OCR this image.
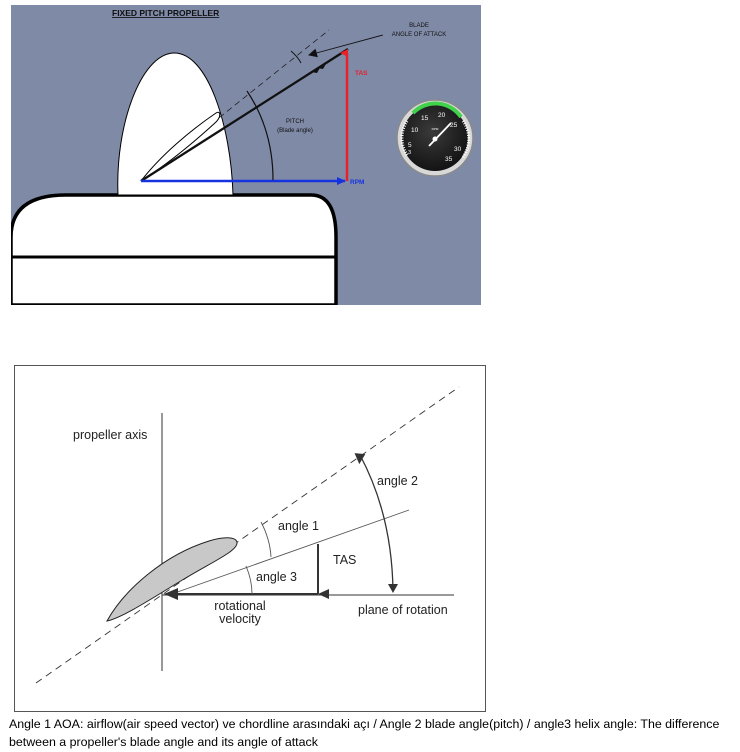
FIXED PITCH PROPELLER
TAS
RPM
PITCH
(Blade angle)
BLADE
ANGLE OF ATTACK
5
3
10
15 20
25
30
35
RPM
propeller axis
plane of rotation
TAS
rotational
velocity
angle 1
angle 3
angle 2
Angle 1 AOA: airflow(air speed vector) ve chordline arasındaki açı / Angle 2 blade angle(pitch) / angle3 helix angle: The difference between a propeller's blade angle and its angle of attack
